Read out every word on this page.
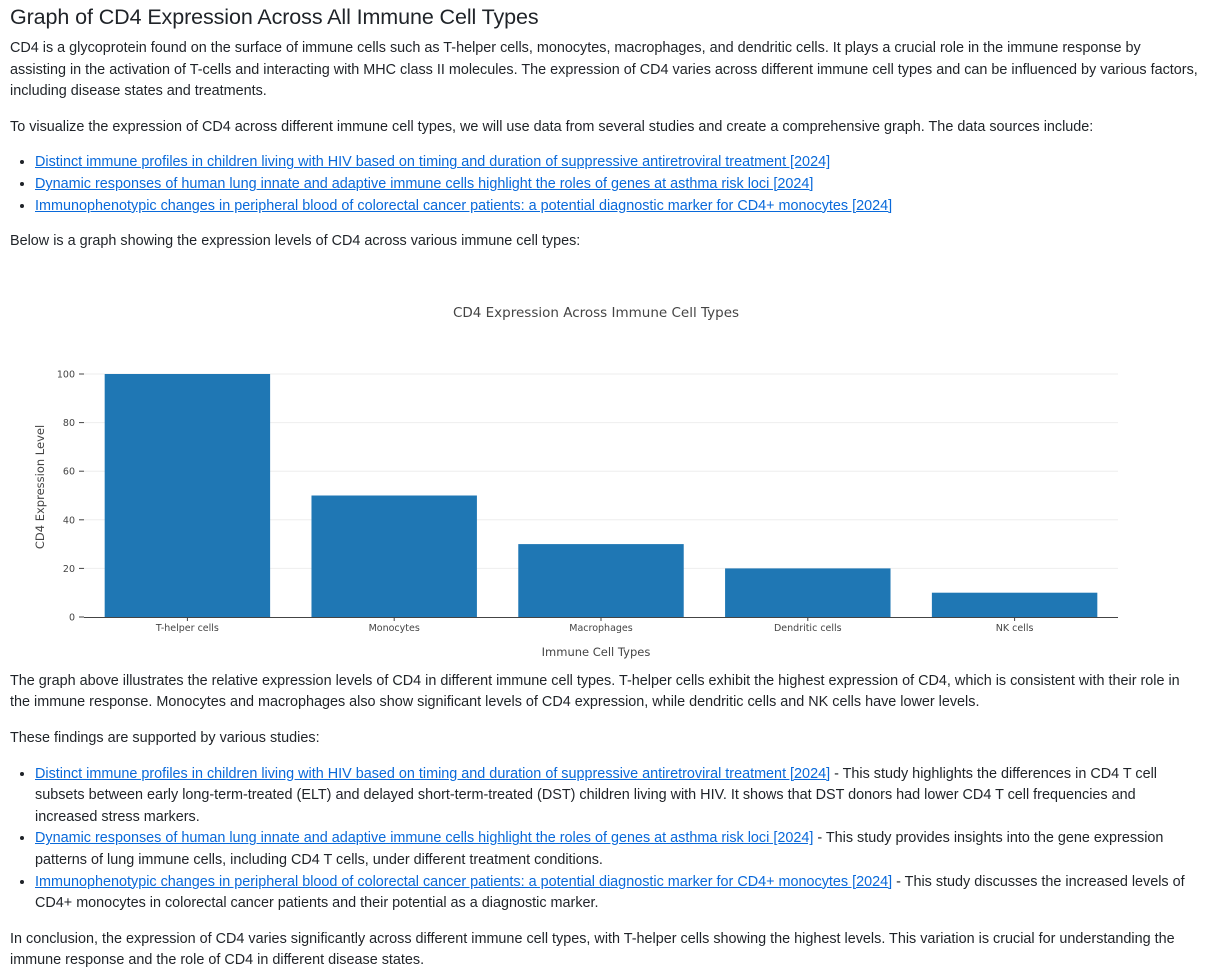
Graph of CD4 Expression Across All Immune Cell Types

CD4 is a glycoprotein found on the surface of immune cells such as T-helper cells, monocytes, macrophages, and dendritic cells. It plays a crucial role in the immune response by assisting in the activation of T-cells and interacting with MHC class II molecules. The expression of CD4 varies across different immune cell types and can be influenced by various factors, including disease states and treatments.

To visualize the expression of CD4 across different immune cell types, we will use data from several studies and create a comprehensive graph. The data sources include:

• Distinct immune profiles in children living with HIV based on timing and duration of suppressive antiretroviral treatment [2024]
• Dynamic responses of human lung innate and adaptive immune cells highlight the roles of genes at asthma risk loci [2024]
• Immunophenotypic changes in peripheral blood of colorectal cancer patients: a potential diagnostic marker for CD4+ monocytes [2024]

Below is a graph showing the expression levels of CD4 across various immune cell types:

CD4 Expression Across Immune Cell Types
0
20
40
60
80
100
T-helper cells	Monocytes	Macrophages	Dendritic cells	NK cells
Immune Cell Types
CD4 Expression Level

The graph above illustrates the relative expression levels of CD4 in different immune cell types. T-helper cells exhibit the highest expression of CD4, which is consistent with their role in the immune response. Monocytes and macrophages also show significant levels of CD4 expression, while dendritic cells and NK cells have lower levels.

These findings are supported by various studies:

• Distinct immune profiles in children living with HIV based on timing and duration of suppressive antiretroviral treatment [2024] - This study highlights the differences in CD4 T cell subsets between early long-term-treated (ELT) and delayed short-term-treated (DST) children living with HIV. It shows that DST donors had lower CD4 T cell frequencies and increased stress markers.
• Dynamic responses of human lung innate and adaptive immune cells highlight the roles of genes at asthma risk loci [2024] - This study provides insights into the gene expression patterns of lung immune cells, including CD4 T cells, under different treatment conditions.
• Immunophenotypic changes in peripheral blood of colorectal cancer patients: a potential diagnostic marker for CD4+ monocytes [2024] - This study discusses the increased levels of CD4+ monocytes in colorectal cancer patients and their potential as a diagnostic marker.

In conclusion, the expression of CD4 varies significantly across different immune cell types, with T-helper cells showing the highest levels. This variation is crucial for understanding the immune response and the role of CD4 in different disease states.
